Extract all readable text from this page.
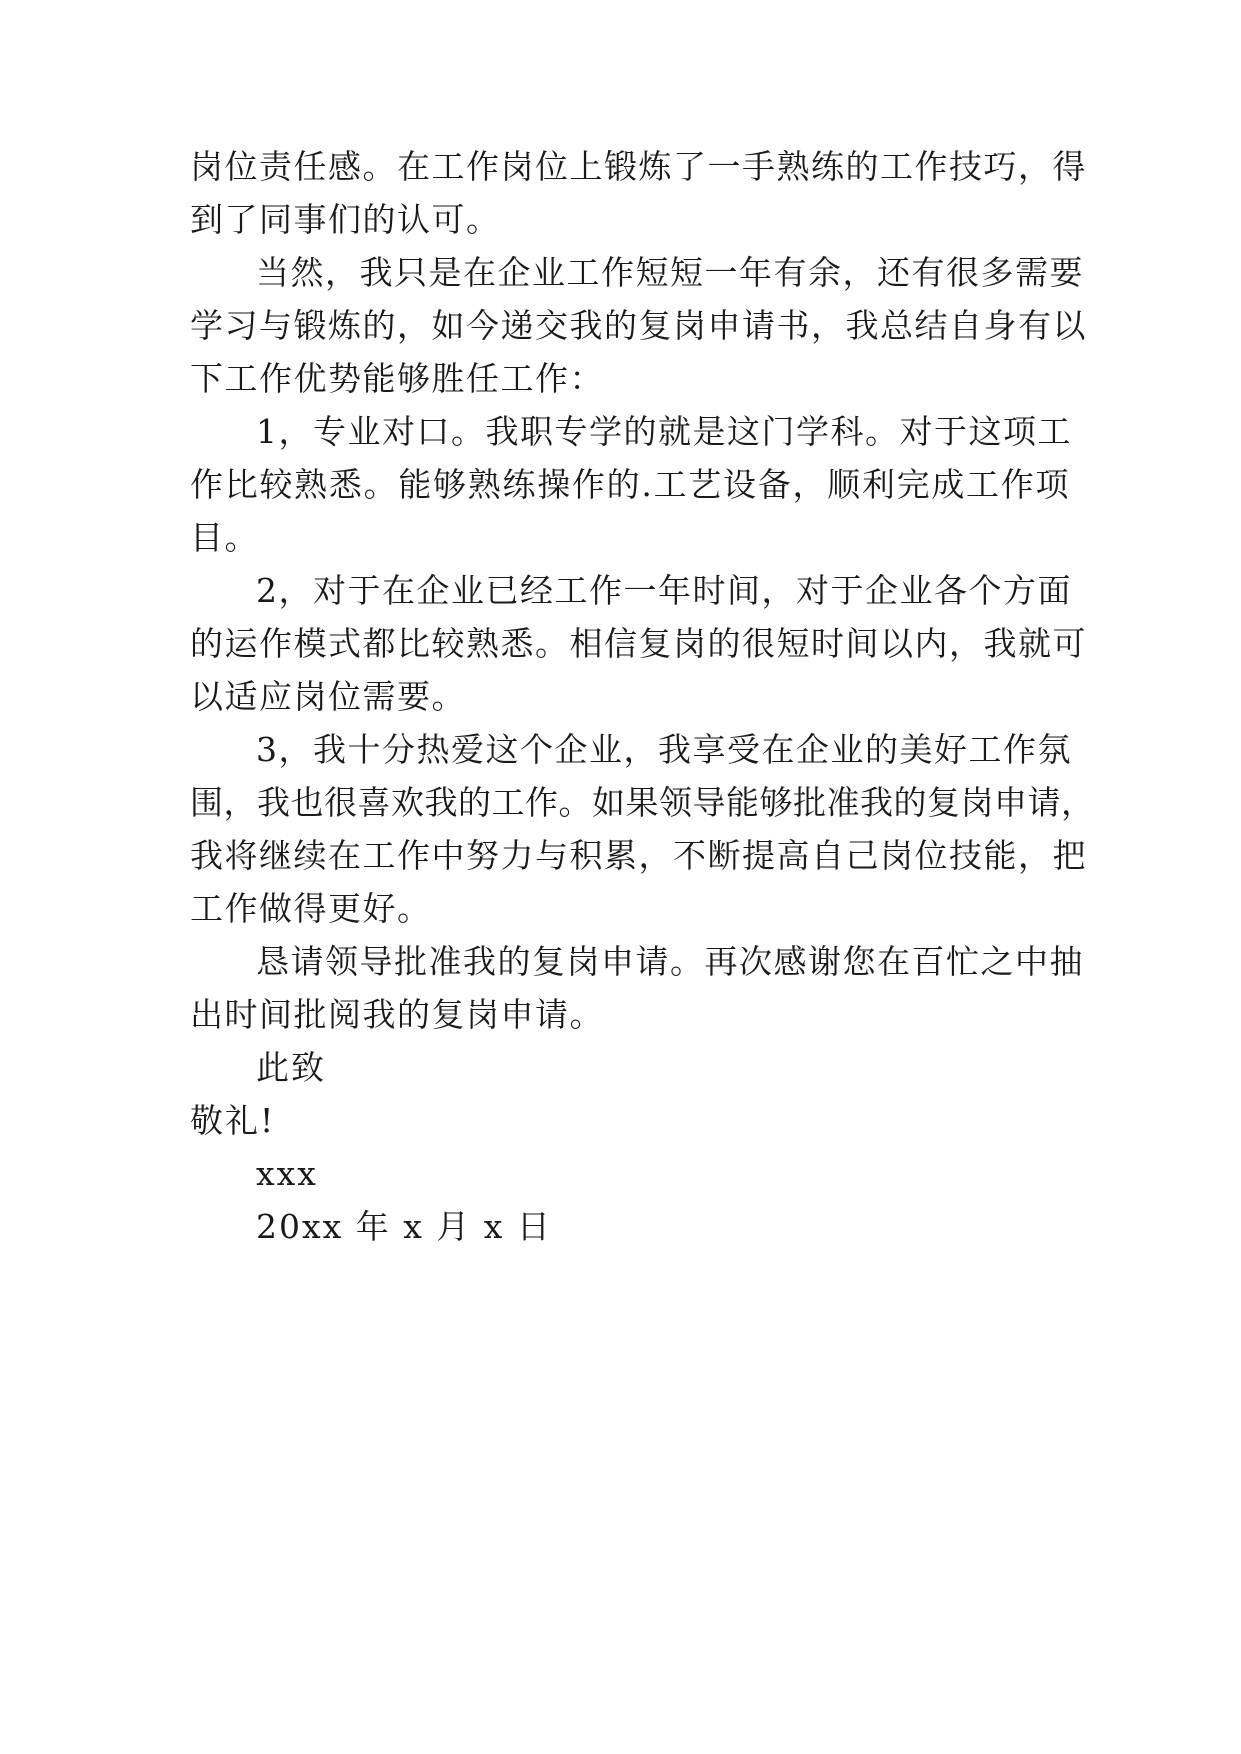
岗位责任感。在工作岗位上锻炼了一手熟练的工作技巧，得
到了同事们的认可。
当然，我只是在企业工作短短一年有余，还有很多需要
学习与锻炼的，如今递交我的复岗申请书，我总结自身有以
下工作优势能够胜任工作：
1，专业对口。我职专学的就是这门学科。对于这项工
作比较熟悉。能够熟练操作的.工艺设备，顺利完成工作项
目。
2，对于在企业已经工作一年时间，对于企业各个方面
的运作模式都比较熟悉。相信复岗的很短时间以内，我就可
以适应岗位需要。
3，我十分热爱这个企业，我享受在企业的美好工作氛
围，我也很喜欢我的工作。如果领导能够批准我的复岗申请，
我将继续在工作中努力与积累，不断提高自己岗位技能，把
工作做得更好。
恳请领导批准我的复岗申请。再次感谢您在百忙之中抽
出时间批阅我的复岗申请。
此致
敬礼!
xxx
20xx 年 x 月 x 日
